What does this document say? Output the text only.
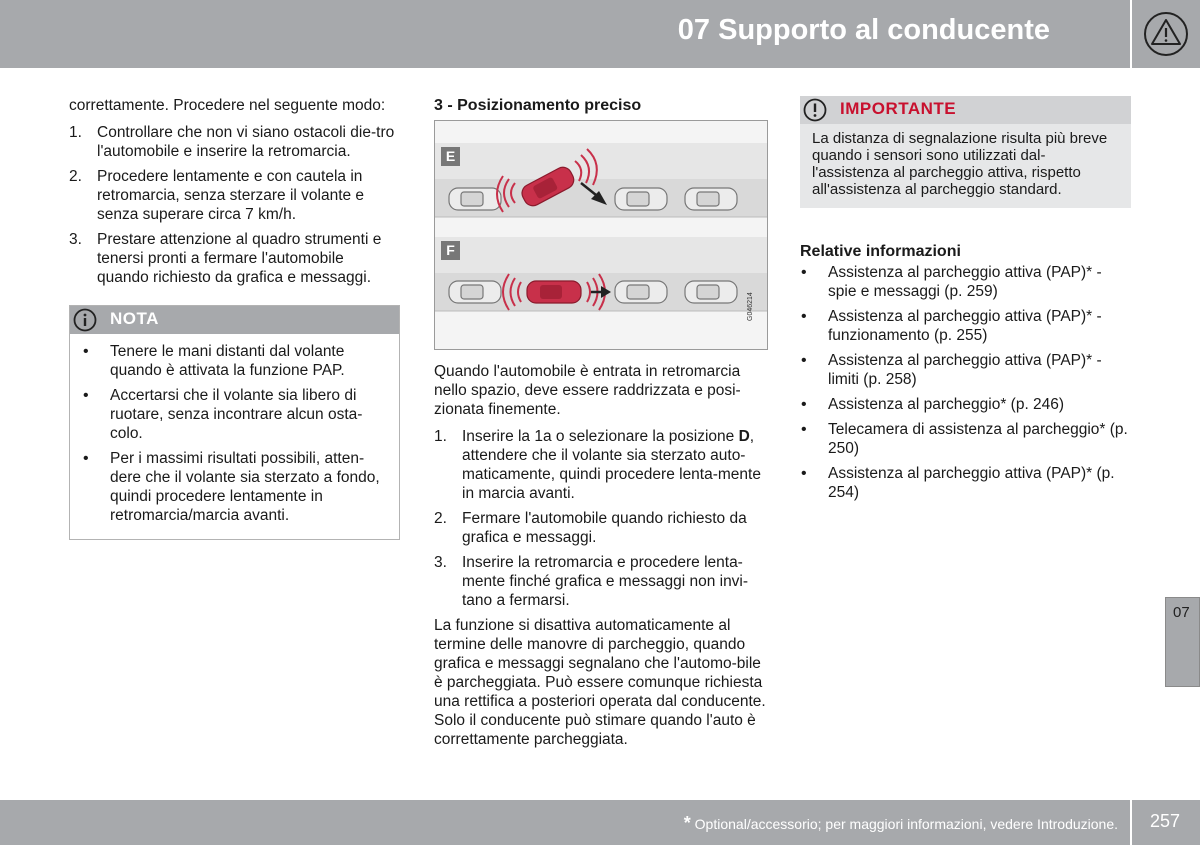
07 Supporto al conducente

correttamente. Procedere nel seguente modo:

1. Controllare che non vi siano ostacoli die-tro l'automobile e inserire la retromarcia.
2. Procedere lentamente e con cautela in retromarcia, senza sterzare il volante e senza superare circa 7 km/h.
3. Prestare attenzione al quadro strumenti e tenersi pronti a fermare l'automobile quando richiesto da grafica e messaggi.
NOTA
• Tenere le mani distanti dal volante quando è attivata la funzione PAP.
• Accertarsi che il volante sia libero di ruotare, senza incontrare alcun osta-colo.
• Per i massimi risultati possibili, atten-dere che il volante sia sterzato a fondo, quindi procedere lentamente in retromarcia/marcia avanti.
3 - Posizionamento preciso
E
F
G046214

Quando l'automobile è entrata in retromarcia nello spazio, deve essere raddrizzata e posi-zionata finemente.

1. Inserire la 1a o selezionare la posizione D, attendere che il volante sia sterzato auto-maticamente, quindi procedere lenta-mente in marcia avanti.
2. Fermare l'automobile quando richiesto da grafica e messaggi.
3. Inserire la retromarcia e procedere lenta-mente finché grafica e messaggi non invi-tano a fermarsi.

La funzione si disattiva automaticamente al termine delle manovre di parcheggio, quando grafica e messaggi segnalano che l'automo-bile è parcheggiata. Può essere comunque richiesta una rettifica a posteriori operata dal conducente. Solo il conducente può stimare quando l'auto è correttamente parcheggiata.

IMPORTANTE
La distanza di segnalazione risulta più breve quando i sensori sono utilizzati dal-l'assistenza al parcheggio attiva, rispetto all'assistenza al parcheggio standard.
Relative informazioni
• Assistenza al parcheggio attiva (PAP)* - spie e messaggi (p. 259)
• Assistenza al parcheggio attiva (PAP)* - funzionamento (p. 255)
• Assistenza al parcheggio attiva (PAP)* - limiti (p. 258)
• Assistenza al parcheggio* (p. 246)
• Telecamera di assistenza al parcheggio* (p. 250)
• Assistenza al parcheggio attiva (PAP)* (p. 254)
07
* Optional/accessorio; per maggiori informazioni, vedere Introduzione. 257
